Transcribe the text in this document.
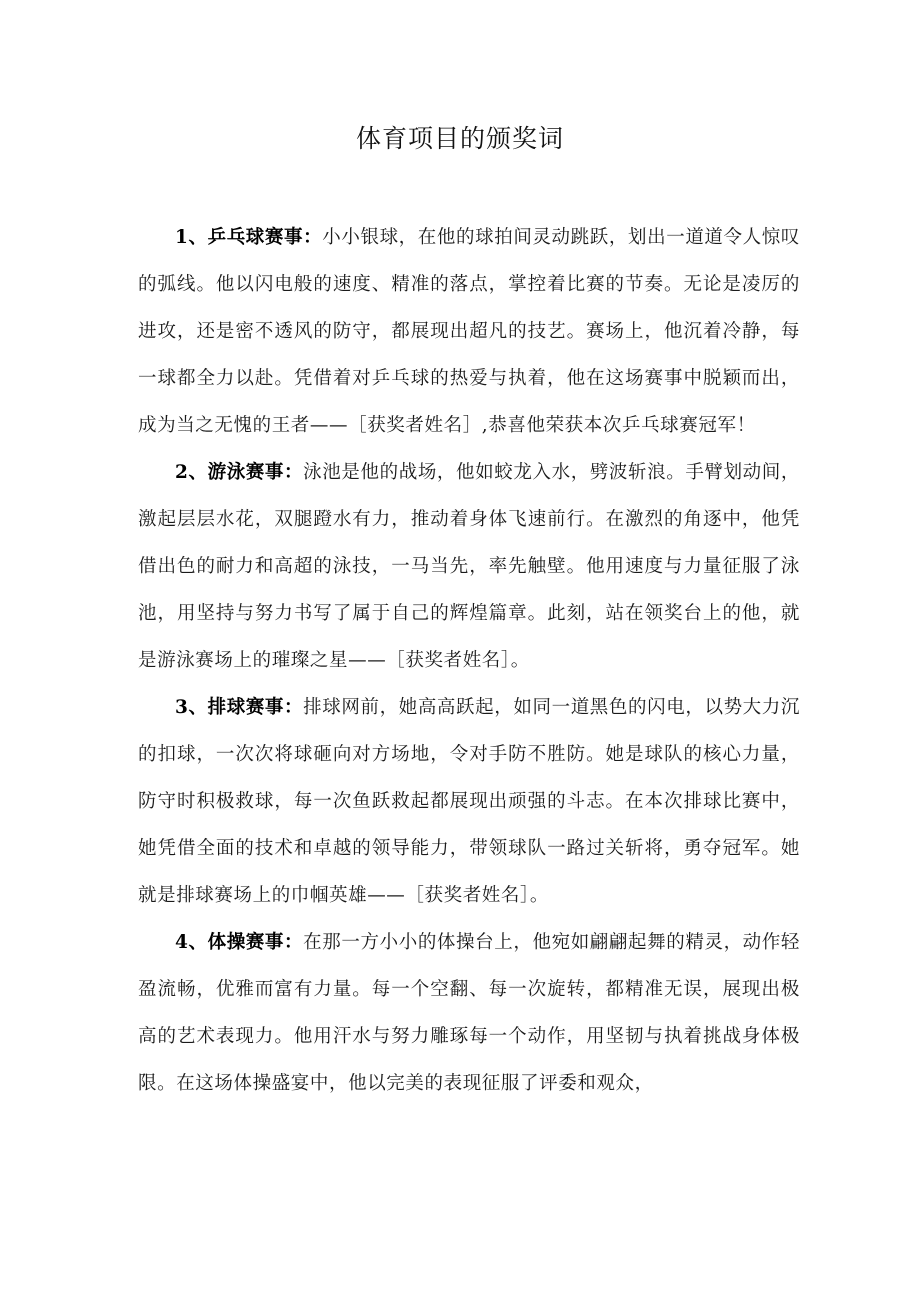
体育项目的颁奖词

1、乒乓球赛事：小小银球，在他的球拍间灵动跳跃，划出一道道令人惊叹的弧线。他以闪电般的速度、精准的落点，掌控着比赛的节奏。无论是凌厉的进攻，还是密不透风的防守，都展现出超凡的技艺。赛场上，他沉着冷静，每一球都全力以赴。凭借着对乒乓球的热爱与执着，他在这场赛事中脱颖而出，成为当之无愧的王者——［获奖者姓名］,恭喜他荣获本次乒乓球赛冠军！

2、游泳赛事：泳池是他的战场，他如蛟龙入水，劈波斩浪。手臂划动间，激起层层水花，双腿蹬水有力，推动着身体飞速前行。在激烈的角逐中，他凭借出色的耐力和高超的泳技，一马当先，率先触壁。他用速度与力量征服了泳池，用坚持与努力书写了属于自己的辉煌篇章。此刻，站在领奖台上的他，就是游泳赛场上的璀璨之星——［获奖者姓名］。

3、排球赛事：排球网前，她高高跃起，如同一道黑色的闪电，以势大力沉的扣球，一次次将球砸向对方场地，令对手防不胜防。她是球队的核心力量，防守时积极救球，每一次鱼跃救起都展现出顽强的斗志。在本次排球比赛中，她凭借全面的技术和卓越的领导能力，带领球队一路过关斩将，勇夺冠军。她就是排球赛场上的巾帼英雄——［获奖者姓名］。

4、体操赛事：在那一方小小的体操台上，他宛如翩翩起舞的精灵，动作轻盈流畅，优雅而富有力量。每一个空翻、每一次旋转，都精准无误，展现出极高的艺术表现力。他用汗水与努力雕琢每一个动作，用坚韧与执着挑战身体极限。在这场体操盛宴中，他以完美的表现征服了评委和观众，
